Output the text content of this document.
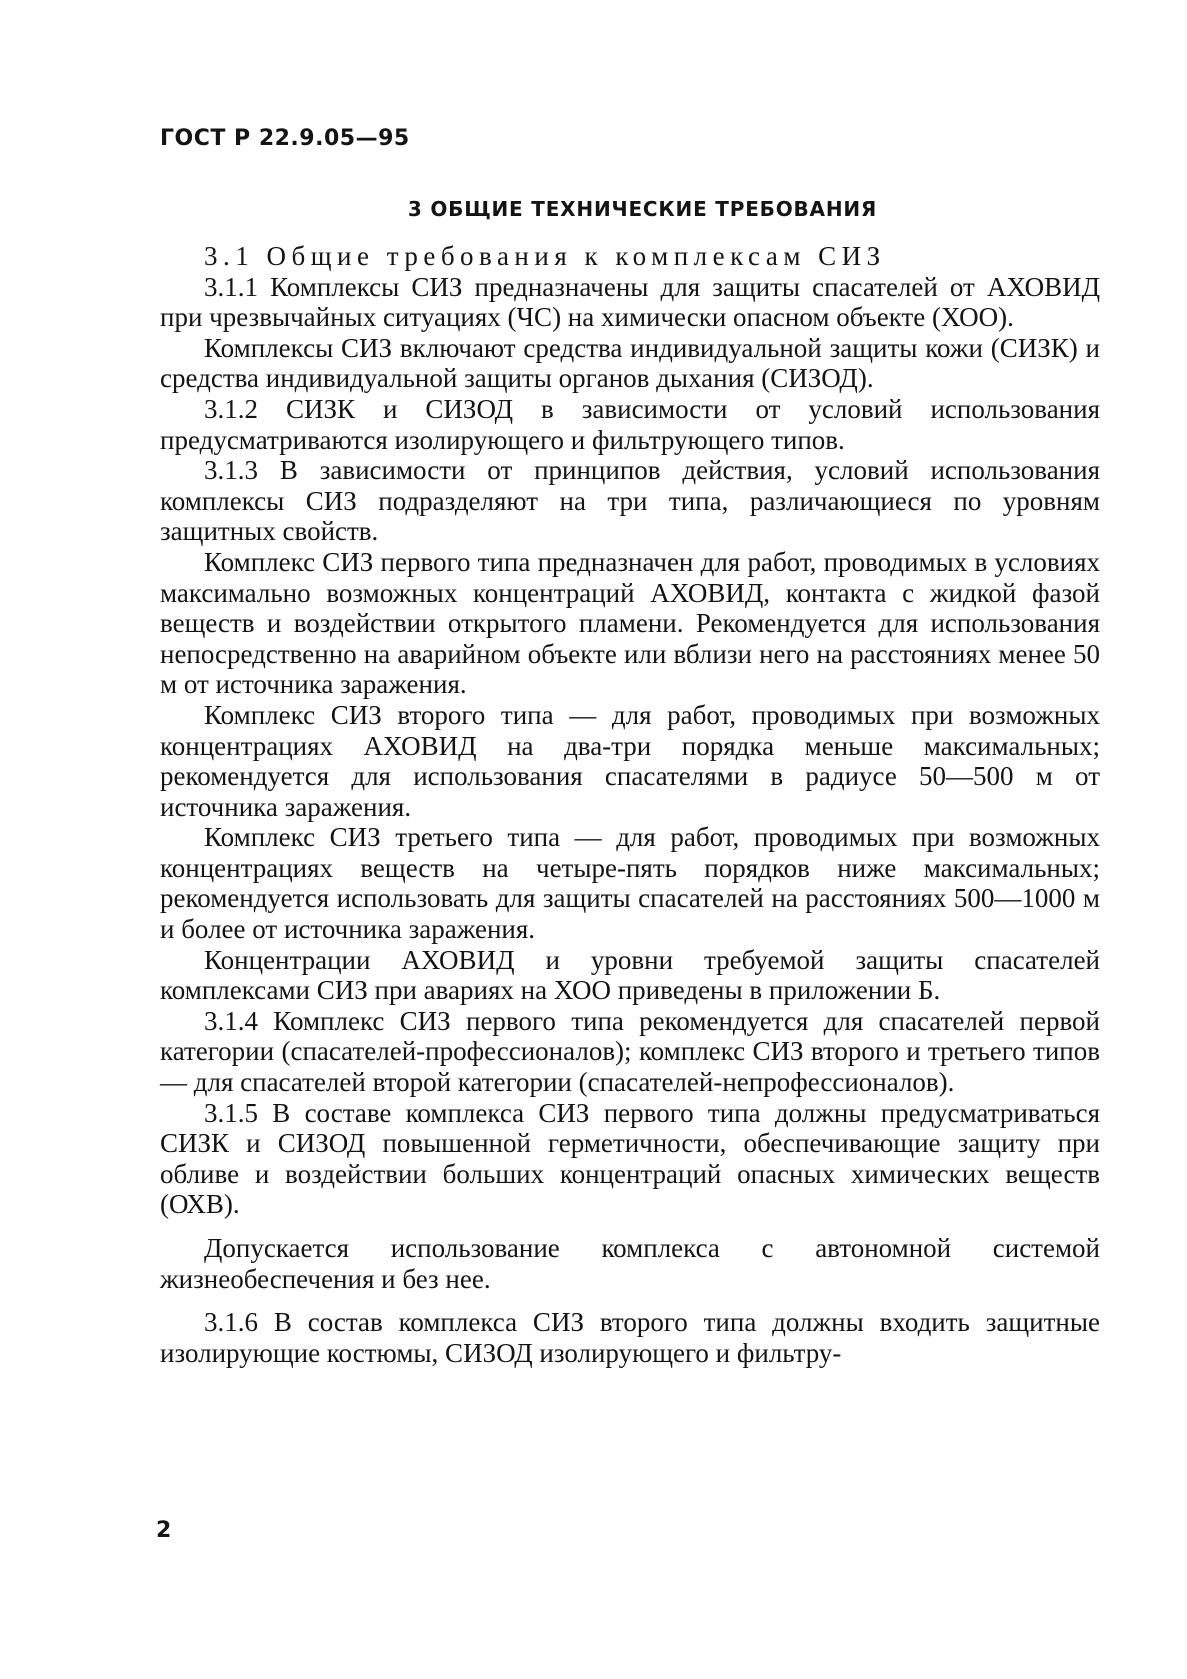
ГОСТ Р 22.9.05—95
3 ОБЩИЕ ТЕХНИЧЕСКИЕ ТРЕБОВАНИЯ

3.1 Общие требования к комплексам СИЗ

3.1.1 Комплексы СИЗ предназначены для защиты спасателей от АХОВИД при чрезвычайных ситуациях (ЧС) на химически опасном объекте (ХОО).

Комплексы СИЗ включают средства индивидуальной защиты кожи (СИЗК) и средства индивидуальной защиты органов дыхания (СИЗОД).

3.1.2 СИЗК и СИЗОД в зависимости от условий использования предусматриваются изолирующего и фильтрующего типов.

3.1.3 В зависимости от принципов действия, условий использования комплексы СИЗ подразделяют на три типа, различающиеся по уровням защитных свойств.

Комплекс СИЗ первого типа предназначен для работ, проводимых в условиях максимально возможных концентраций АХОВИД, контакта с жидкой фазой веществ и воздействии открытого пламени. Рекомендуется для использования непосредственно на аварийном объекте или вблизи него на расстояниях менее 50 м от источника заражения.

Комплекс СИЗ второго типа — для работ, проводимых при возможных концентрациях АХОВИД на два-три порядка меньше максимальных; рекомендуется для использования спасателями в радиусе 50—500 м от источника заражения.

Комплекс СИЗ третьего типа — для работ, проводимых при возможных концентрациях веществ на четыре-пять порядков ниже максимальных; рекомендуется использовать для защиты спасателей на расстояниях 500—1000 м и более от источника заражения.

Концентрации АХОВИД и уровни требуемой защиты спасателей комплексами СИЗ при авариях на ХОО приведены в приложении Б.

3.1.4 Комплекс СИЗ первого типа рекомендуется для спасателей первой категории (спасателей-профессионалов); комплекс СИЗ второго и третьего типов — для спасателей второй категории (спасателей-непрофессионалов).

3.1.5 В составе комплекса СИЗ первого типа должны предусматриваться СИЗК и СИЗОД повышенной герметичности, обеспечивающие защиту при обливе и воздействии больших концентраций опасных химических веществ (ОХВ).

Допускается использование комплекса с автономной системой жизнеобеспечения и без нее.

3.1.6 В состав комплекса СИЗ второго типа должны входить защитные изолирующие костюмы, СИЗОД изолирующего и фильтру-

2
